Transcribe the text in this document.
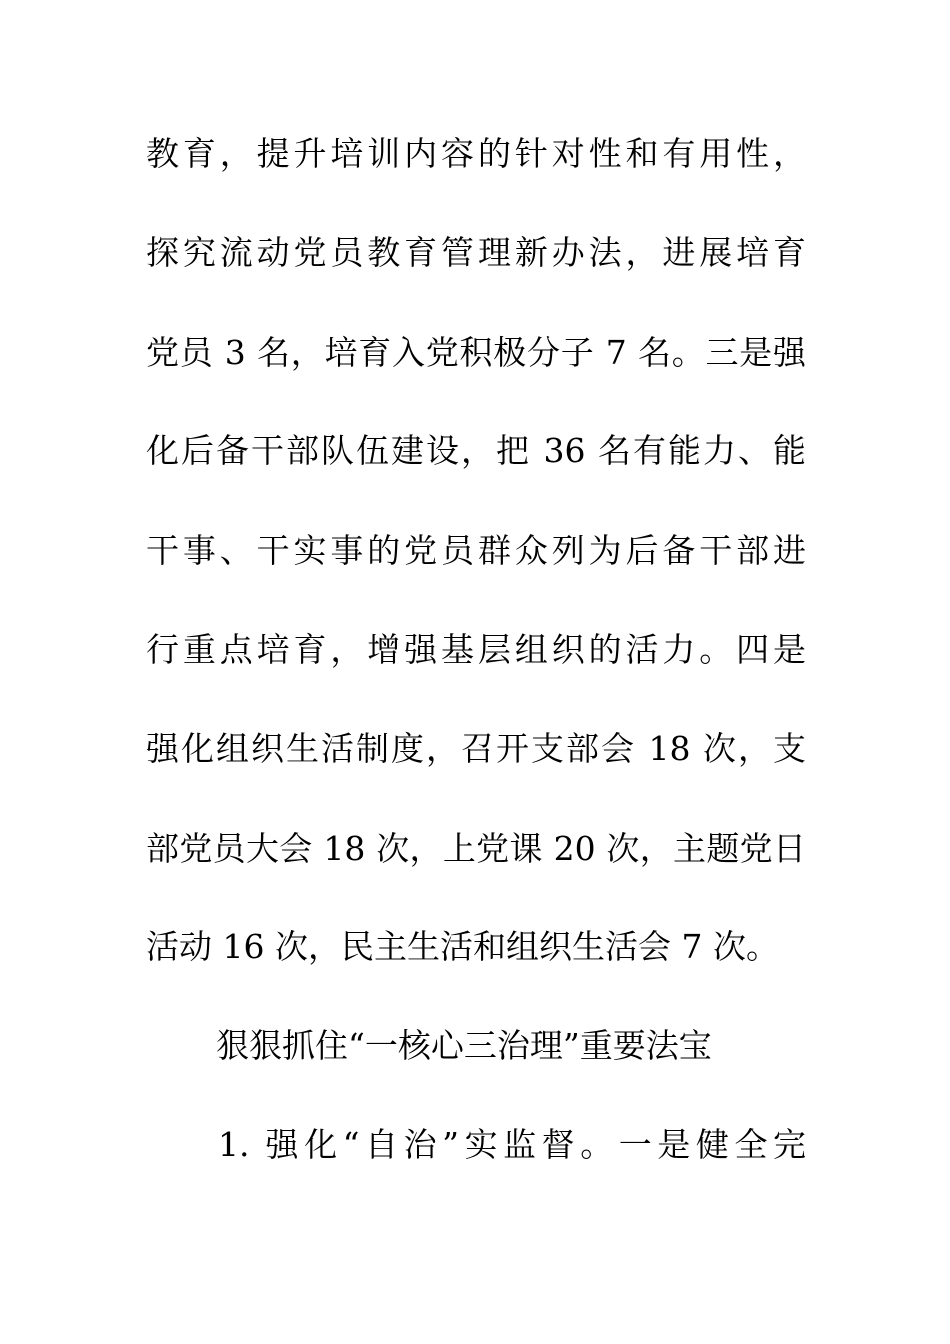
教育，提升培训内容的针对性和有用性，
探究流动党员教育管理新办法，进展培育
党员 3 名，培育入党积极分子 7 名。三是强
化后备干部队伍建设，把 36 名有能力、能
干事、干实事的党员群众列为后备干部进
行重点培育，增强基层组织的活力。四是
强化组织生活制度，召开支部会 18 次，支
部党员大会 18 次，上党课 20 次，主题党日
活动 16 次，民主生活和组织生活会 7 次。
狠狠抓住“一核心三治理”重要法宝
1. 强化“自治”实监督。一是健全完
